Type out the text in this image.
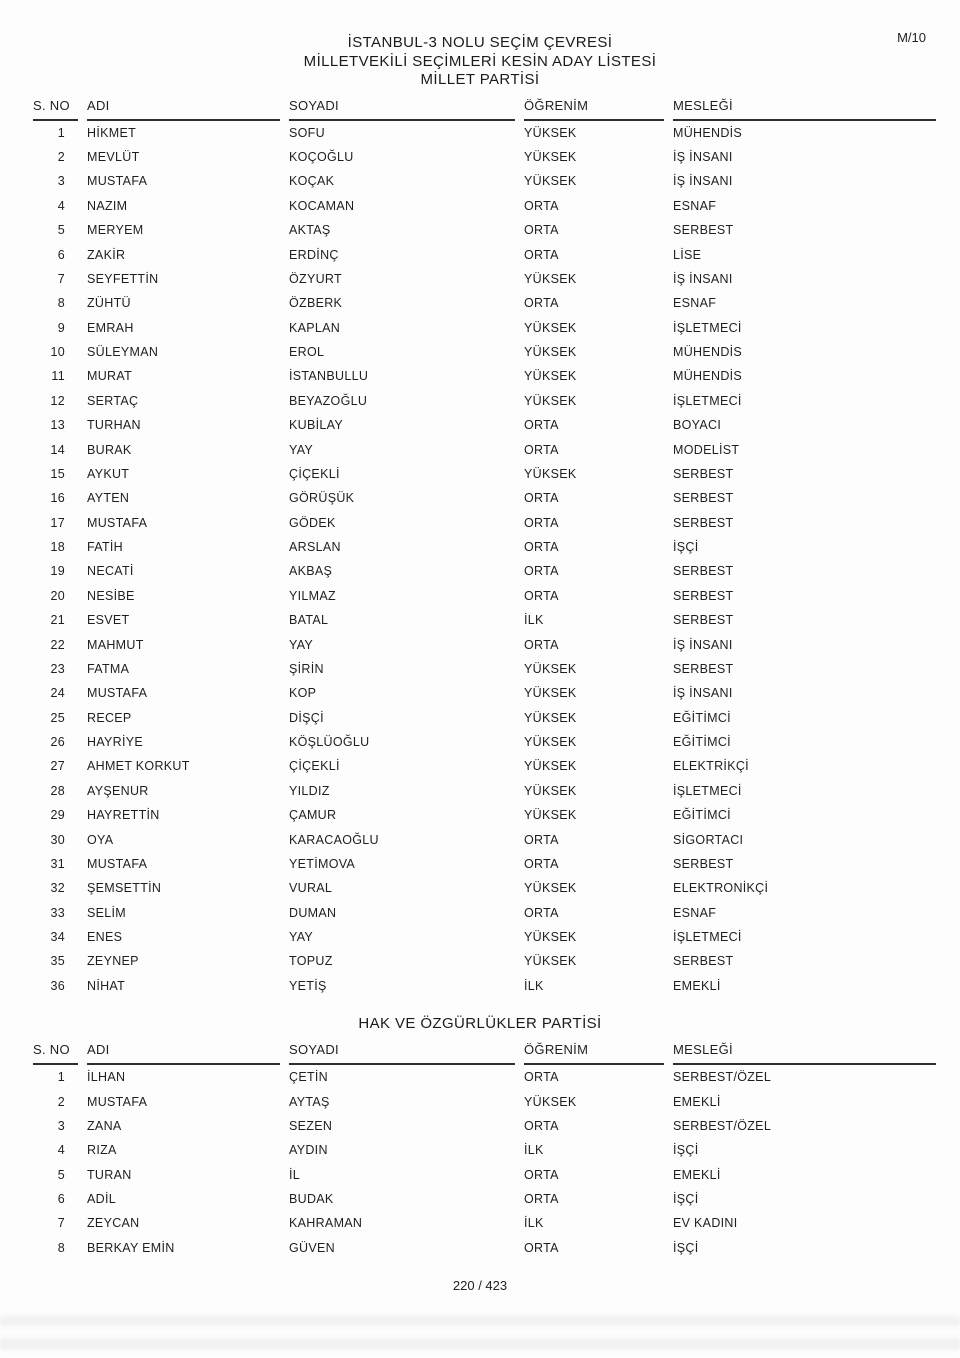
M/10
İSTANBUL-3 NOLU SEÇİM ÇEVRESİ
MİLLETVEKİLİ SEÇİMLERİ KESİN ADAY LİSTESİ
MİLLET PARTİSİ
S. NO	ADI	SOYADI	ÖĞRENİM	MESLEĞİ
1	HİKMET	SOFU	YÜKSEK	MÜHENDİS
2	MEVLÜT	KOÇOĞLU	YÜKSEK	İŞ İNSANI
3	MUSTAFA	KOÇAK	YÜKSEK	İŞ İNSANI
4	NAZIM	KOCAMAN	ORTA	ESNAF
5	MERYEM	AKTAŞ	ORTA	SERBEST
6	ZAKİR	ERDİNÇ	ORTA	LİSE
7	SEYFETTİN	ÖZYURT	YÜKSEK	İŞ İNSANI
8	ZÜHTÜ	ÖZBERK	ORTA	ESNAF
9	EMRAH	KAPLAN	YÜKSEK	İŞLETMECİ
10	SÜLEYMAN	EROL	YÜKSEK	MÜHENDİS
11	MURAT	İSTANBULLU	YÜKSEK	MÜHENDİS
12	SERTAÇ	BEYAZOĞLU	YÜKSEK	İŞLETMECİ
13	TURHAN	KUBİLAY	ORTA	BOYACI
14	BURAK	YAY	ORTA	MODELİST
15	AYKUT	ÇİÇEKLİ	YÜKSEK	SERBEST
16	AYTEN	GÖRÜŞÜK	ORTA	SERBEST
17	MUSTAFA	GÖDEK	ORTA	SERBEST
18	FATİH	ARSLAN	ORTA	İŞÇİ
19	NECATİ	AKBAŞ	ORTA	SERBEST
20	NESİBE	YILMAZ	ORTA	SERBEST
21	ESVET	BATAL	İLK	SERBEST
22	MAHMUT	YAY	ORTA	İŞ İNSANI
23	FATMA	ŞİRİN	YÜKSEK	SERBEST
24	MUSTAFA	KOP	YÜKSEK	İŞ İNSANI
25	RECEP	DİŞÇİ	YÜKSEK	EĞİTİMCİ
26	HAYRİYE	KÖŞLÜOĞLU	YÜKSEK	EĞİTİMCİ
27	AHMET KORKUT	ÇİÇEKLİ	YÜKSEK	ELEKTRİKÇİ
28	AYŞENUR	YILDIZ	YÜKSEK	İŞLETMECİ
29	HAYRETTİN	ÇAMUR	YÜKSEK	EĞİTİMCİ
30	OYA	KARACAOĞLU	ORTA	SİGORTACI
31	MUSTAFA	YETİMOVA	ORTA	SERBEST
32	ŞEMSETTİN	VURAL	YÜKSEK	ELEKTRONİKÇİ
33	SELİM	DUMAN	ORTA	ESNAF
34	ENES	YAY	YÜKSEK	İŞLETMECİ
35	ZEYNEP	TOPUZ	YÜKSEK	SERBEST
36	NİHAT	YETİŞ	İLK	EMEKLİ
HAK VE ÖZGÜRLÜKLER PARTİSİ
S. NO	ADI	SOYADI	ÖĞRENİM	MESLEĞİ
1	İLHAN	ÇETİN	ORTA	SERBEST/ÖZEL
2	MUSTAFA	AYTAŞ	YÜKSEK	EMEKLİ
3	ZANA	SEZEN	ORTA	SERBEST/ÖZEL
4	RIZA	AYDIN	İLK	İŞÇİ
5	TURAN	İL	ORTA	EMEKLİ
6	ADİL	BUDAK	ORTA	İŞÇİ
7	ZEYCAN	KAHRAMAN	İLK	EV KADINI
8	BERKAY EMİN	GÜVEN	ORTA	İŞÇİ
220 / 423
